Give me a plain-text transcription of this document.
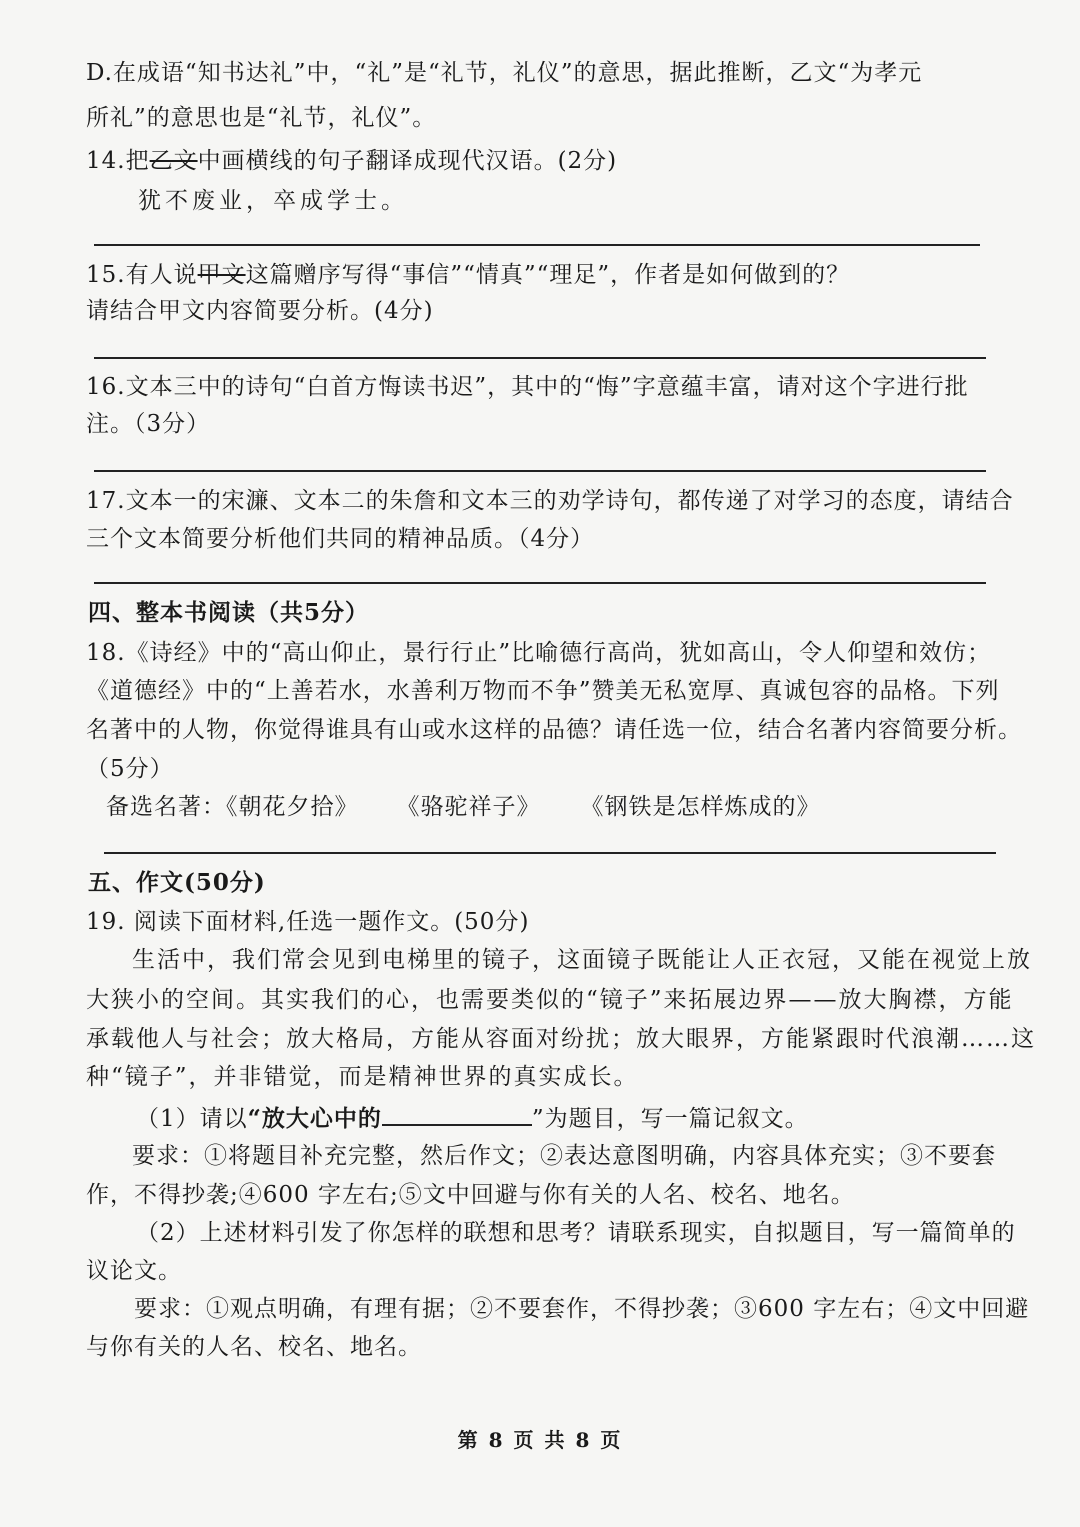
D.在成语“知书达礼”中，“礼”是“礼节，礼仪”的意思，据此推断，乙文“为孝元
所礼”的意思也是“礼节，礼仪”。
14.把乙文中画横线的句子翻译成现代汉语。(2分)
犹不废业，卒成学士。
15.有人说甲文这篇赠序写得“事信”“情真”“理足”，作者是如何做到的？
请结合甲文内容简要分析。(4分)
16.文本三中的诗句“白首方悔读书迟”，其中的“悔”字意蕴丰富，请对这个字进行批
注。（3分）
17.文本一的宋濂、文本二的朱詹和文本三的劝学诗句，都传递了对学习的态度，请结合
三个文本简要分析他们共同的精神品质。（4分）
四、整本书阅读（共5分）
18.《诗经》中的“高山仰止，景行行止”比喻德行高尚，犹如高山，令人仰望和效仿；
《道德经》中的“上善若水，水善利万物而不争”赞美无私宽厚、真诚包容的品格。下列
名著中的人物，你觉得谁具有山或水这样的品德？请任选一位，结合名著内容简要分析。
（5分）
备选名著：《朝花夕拾》 《骆驼祥子》 《钢铁是怎样炼成的》
五、作文(50分)
19. 阅读下面材料,任选一题作文。(50分)
生活中，我们常会见到电梯里的镜子，这面镜子既能让人正衣冠，又能在视觉上放
大狭小的空间。其实我们的心，也需要类似的“镜子”来拓展边界——放大胸襟，方能
承载他人与社会；放大格局，方能从容面对纷扰；放大眼界，方能紧跟时代浪潮……这
种“镜子”，并非错觉，而是精神世界的真实成长。
（1）请以“放大心中的	”为题目，写一篇记叙文。
要求：①将题目补充完整，然后作文；②表达意图明确，内容具体充实；③不要套
作，不得抄袭;④600 字左右;⑤文中回避与你有关的人名、校名、地名。
（2）上述材料引发了你怎样的联想和思考？请联系现实，自拟题目，写一篇简单的
议论文。
要求：①观点明确，有理有据；②不要套作，不得抄袭；③600 字左右；④文中回避
与你有关的人名、校名、地名。
第 8 页 共 8 页
